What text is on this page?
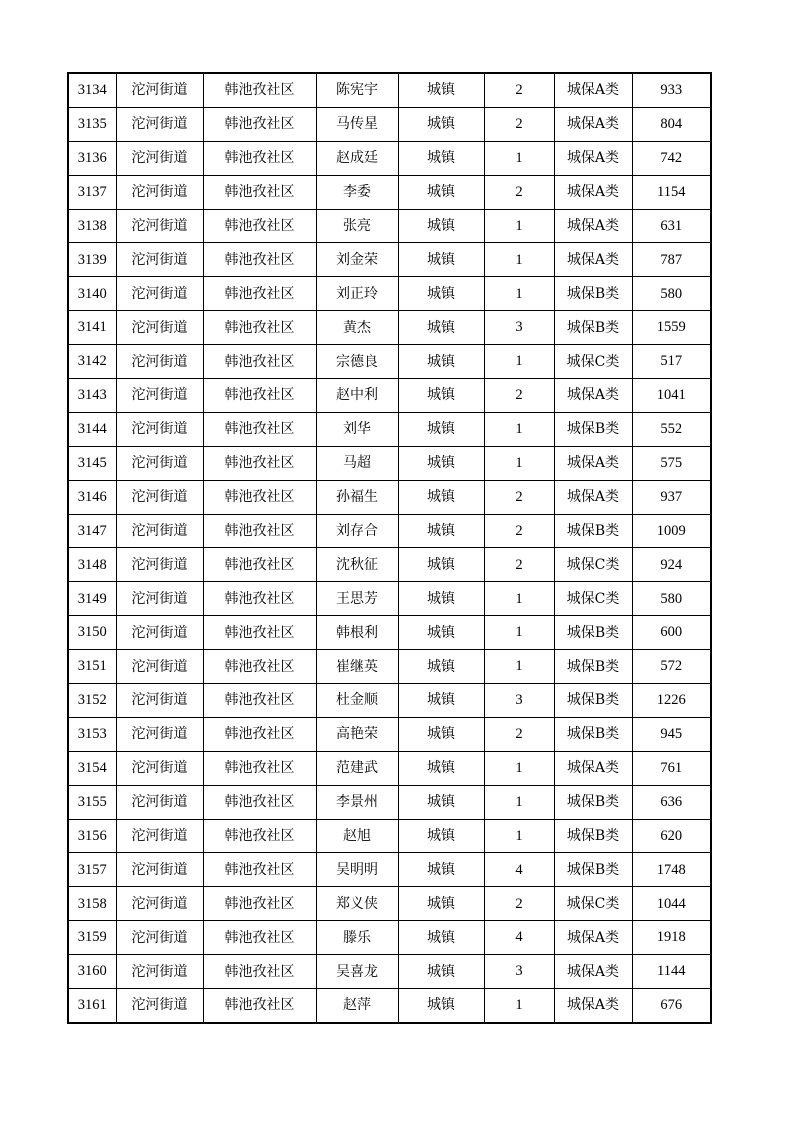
3134	沱河街道	韩池孜社区	陈宪宇	城镇	2	城保A类	933
3135	沱河街道	韩池孜社区	马传星	城镇	2	城保A类	804
3136	沱河街道	韩池孜社区	赵成廷	城镇	1	城保A类	742
3137	沱河街道	韩池孜社区	李委	城镇	2	城保A类	1154
3138	沱河街道	韩池孜社区	张亮	城镇	1	城保A类	631
3139	沱河街道	韩池孜社区	刘金荣	城镇	1	城保A类	787
3140	沱河街道	韩池孜社区	刘正玲	城镇	1	城保B类	580
3141	沱河街道	韩池孜社区	黄杰	城镇	3	城保B类	1559
3142	沱河街道	韩池孜社区	宗德良	城镇	1	城保C类	517
3143	沱河街道	韩池孜社区	赵中利	城镇	2	城保A类	1041
3144	沱河街道	韩池孜社区	刘华	城镇	1	城保B类	552
3145	沱河街道	韩池孜社区	马超	城镇	1	城保A类	575
3146	沱河街道	韩池孜社区	孙福生	城镇	2	城保A类	937
3147	沱河街道	韩池孜社区	刘存合	城镇	2	城保B类	1009
3148	沱河街道	韩池孜社区	沈秋征	城镇	2	城保C类	924
3149	沱河街道	韩池孜社区	王思芳	城镇	1	城保C类	580
3150	沱河街道	韩池孜社区	韩根利	城镇	1	城保B类	600
3151	沱河街道	韩池孜社区	崔继英	城镇	1	城保B类	572
3152	沱河街道	韩池孜社区	杜金顺	城镇	3	城保B类	1226
3153	沱河街道	韩池孜社区	高艳荣	城镇	2	城保B类	945
3154	沱河街道	韩池孜社区	范建武	城镇	1	城保A类	761
3155	沱河街道	韩池孜社区	李景州	城镇	1	城保B类	636
3156	沱河街道	韩池孜社区	赵旭	城镇	1	城保B类	620
3157	沱河街道	韩池孜社区	吴明明	城镇	4	城保B类	1748
3158	沱河街道	韩池孜社区	郑义侠	城镇	2	城保C类	1044
3159	沱河街道	韩池孜社区	滕乐	城镇	4	城保A类	1918
3160	沱河街道	韩池孜社区	吴喜龙	城镇	3	城保A类	1144
3161	沱河街道	韩池孜社区	赵萍	城镇	1	城保A类	676
